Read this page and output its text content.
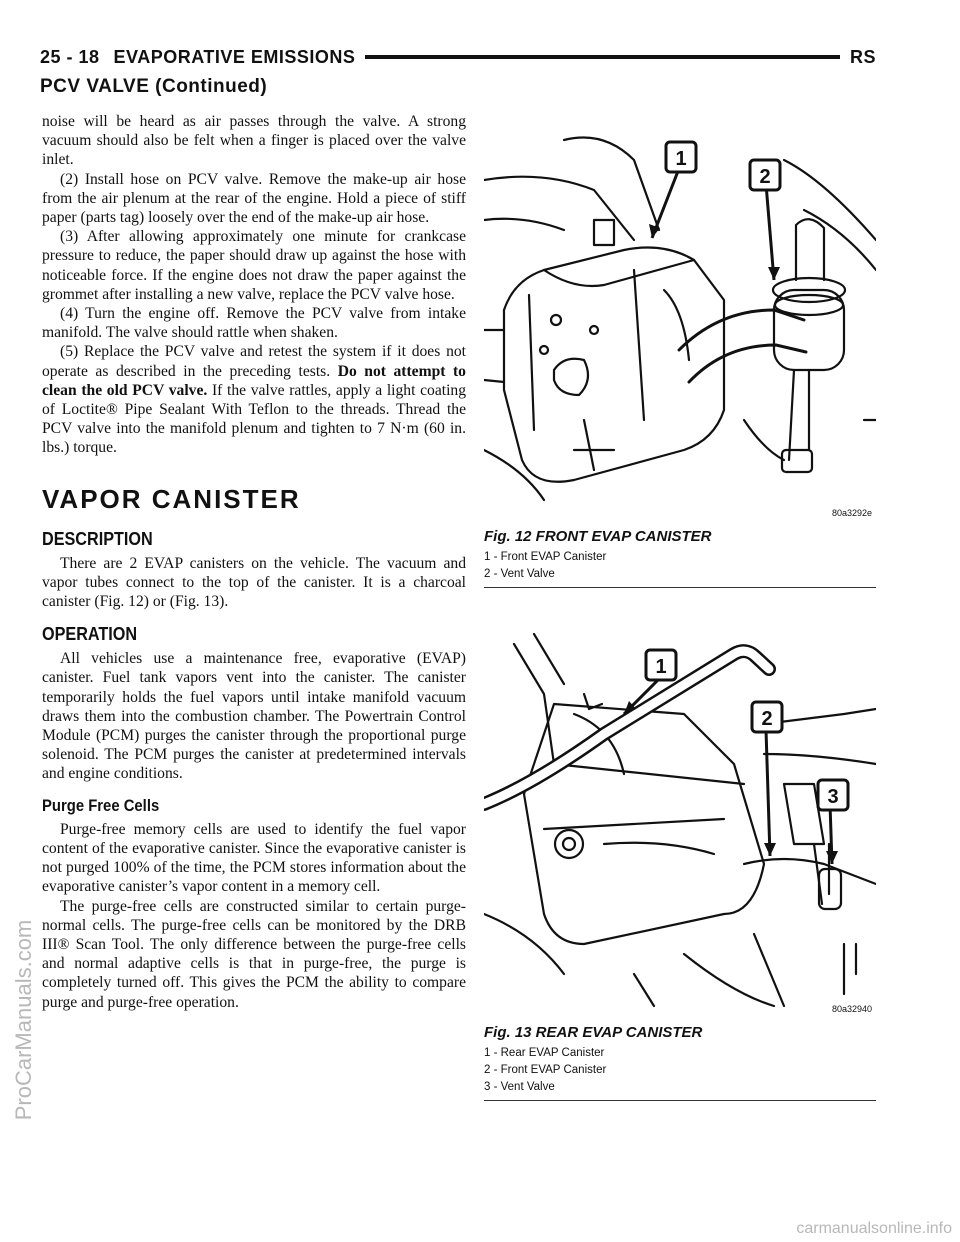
25 - 18 EVAPORATIVE EMISSIONS	RS
PCV VALVE (Continued)

noise will be heard as air passes through the valve. A strong vacuum should also be felt when a finger is placed over the valve inlet.

(2) Install hose on PCV valve. Remove the make-up air hose from the air plenum at the rear of the engine. Hold a piece of stiff paper (parts tag) loosely over the end of the make-up air hose.

(3) After allowing approximately one minute for crankcase pressure to reduce, the paper should draw up against the hose with noticeable force. If the engine does not draw the paper against the grommet after installing a new valve, replace the PCV valve hose.

(4) Turn the engine off. Remove the PCV valve from intake manifold. The valve should rattle when shaken.

(5) Replace the PCV valve and retest the system if it does not operate as described in the preceding tests. Do not attempt to clean the old PCV valve. If the valve rattles, apply a light coating of Loctite® Pipe Sealant With Teflon to the threads. Thread the PCV valve into the manifold plenum and tighten to 7 N·m (60 in. lbs.) torque.

VAPOR CANISTER
DESCRIPTION

There are 2 EVAP canisters on the vehicle. The vacuum and vapor tubes connect to the top of the canister. It is a charcoal canister (Fig. 12) or (Fig. 13).

OPERATION

All vehicles use a maintenance free, evaporative (EVAP) canister. Fuel tank vapors vent into the canister. The canister temporarily holds the fuel vapors until intake manifold vacuum draws them into the combustion chamber. The Powertrain Control Module (PCM) purges the canister through the proportional purge solenoid. The PCM purges the canister at predetermined intervals and engine conditions.

Purge Free Cells

Purge-free memory cells are used to identify the fuel vapor content of the evaporative canister. Since the evaporative canister is not purged 100% of the time, the PCM stores information about the evaporative canister’s vapor content in a memory cell.

The purge-free cells are constructed similar to certain purge-normal cells. The purge-free cells can be monitored by the DRB III® Scan Tool. The only difference between the purge-free cells and normal adaptive cells is that in purge-free, the purge is completely turned off. This gives the PCM the ability to compare purge and purge-free operation.

1
2
80a3292e
Fig. 12 FRONT EVAP CANISTER
1 - Front EVAP Canister
2 - Vent Valve
1
2
3
80a32940
Fig. 13 REAR EVAP CANISTER
1 - Rear EVAP Canister
2 - Front EVAP Canister
3 - Vent Valve
ProCarManuals.com
carmanualsonline.info
